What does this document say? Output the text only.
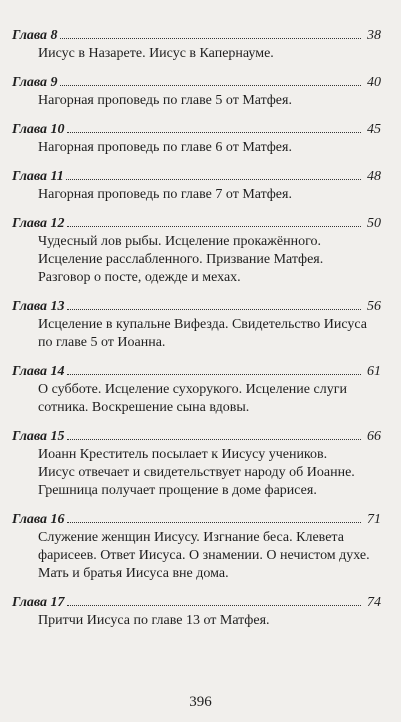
Глава 8	38

Иисус в Назарете. Иисус в Капернауме.

Глава 9	40

Нагорная проповедь по главе 5 от Матфея.

Глава 10	45

Нагорная проповедь по главе 6 от Матфея.

Глава 11	48

Нагорная проповедь по главе 7 от Матфея.

Глава 12	50

Чудесный лов рыбы. Исцеление прокажённого.
Исцеление расслабленного. Призвание Матфея.
Разговор о посте, одежде и мехах.

Глава 13	56

Исцеление в купальне Вифезда. Свидетельство Иисуса
по главе 5 от Иоанна.

Глава 14	61

О субботе. Исцеление сухорукого. Исцеление слуги
сотника. Воскрешение сына вдовы.

Глава 15	66

Иоанн Креститель посылает к Иисусу учеников.
Иисус отвечает и свидетельствует народу об Иоанне.
Грешница получает прощение в доме фарисея.

Глава 16	71

Служение женщин Иисусу. Изгнание беса. Клевета
фарисеев. Ответ Иисуса. О знамении. О нечистом духе.
Мать и братья Иисуса вне дома.

Глава 17	74

Притчи Иисуса по главе 13 от Матфея.

396
